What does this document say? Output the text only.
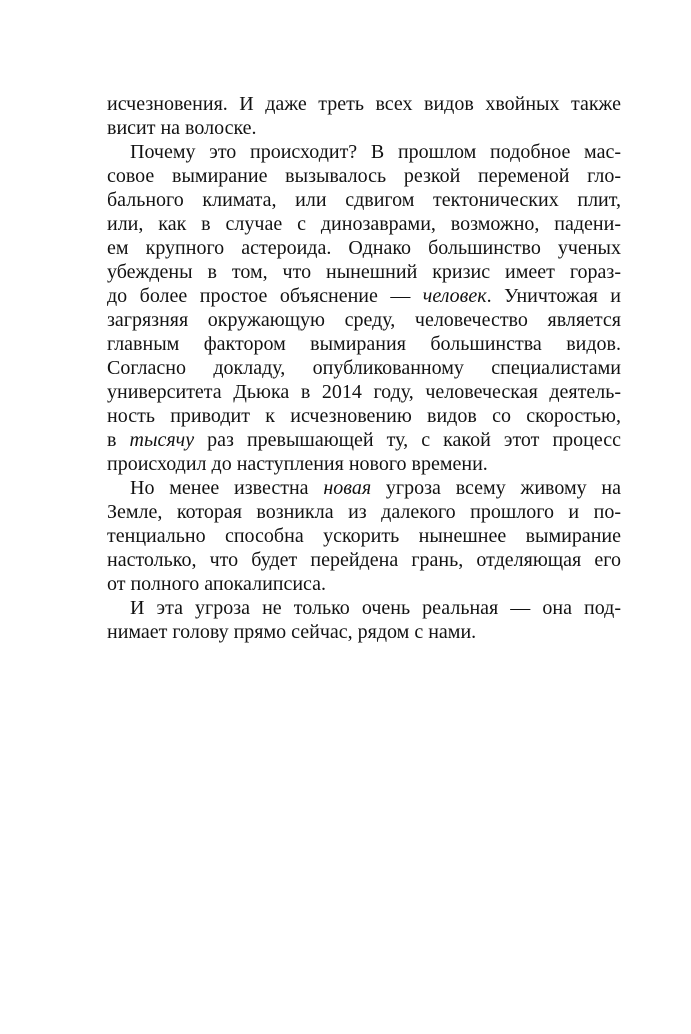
исчезновения. И даже треть всех видов хвойных также
висит на волоске.
Почему это происходит? В прошлом подобное мас-
совое вымирание вызывалось резкой переменой гло-
бального климата, или сдвигом тектонических плит,
или, как в случае с динозаврами, возможно, падени-
ем крупного астероида. Однако большинство ученых
убеждены в том, что нынешний кризис имеет гораз-
до более простое объяснение — человек. Уничтожая и
загрязняя окружающую среду, человечество является
главным фактором вымирания большинства видов.
Согласно докладу, опубликованному специалистами
университета Дьюка в 2014 году, человеческая деятель-
ность приводит к исчезновению видов со скоростью,
в тысячу раз превышающей ту, с какой этот процесс
происходил до наступления нового времени.
Но менее известна новая угроза всему живому на
Земле, которая возникла из далекого прошлого и по-
тенциально способна ускорить нынешнее вымирание
настолько, что будет перейдена грань, отделяющая его
от полного апокалипсиса.
И эта угроза не только очень реальная — она под-
нимает голову прямо сейчас, рядом с нами.
